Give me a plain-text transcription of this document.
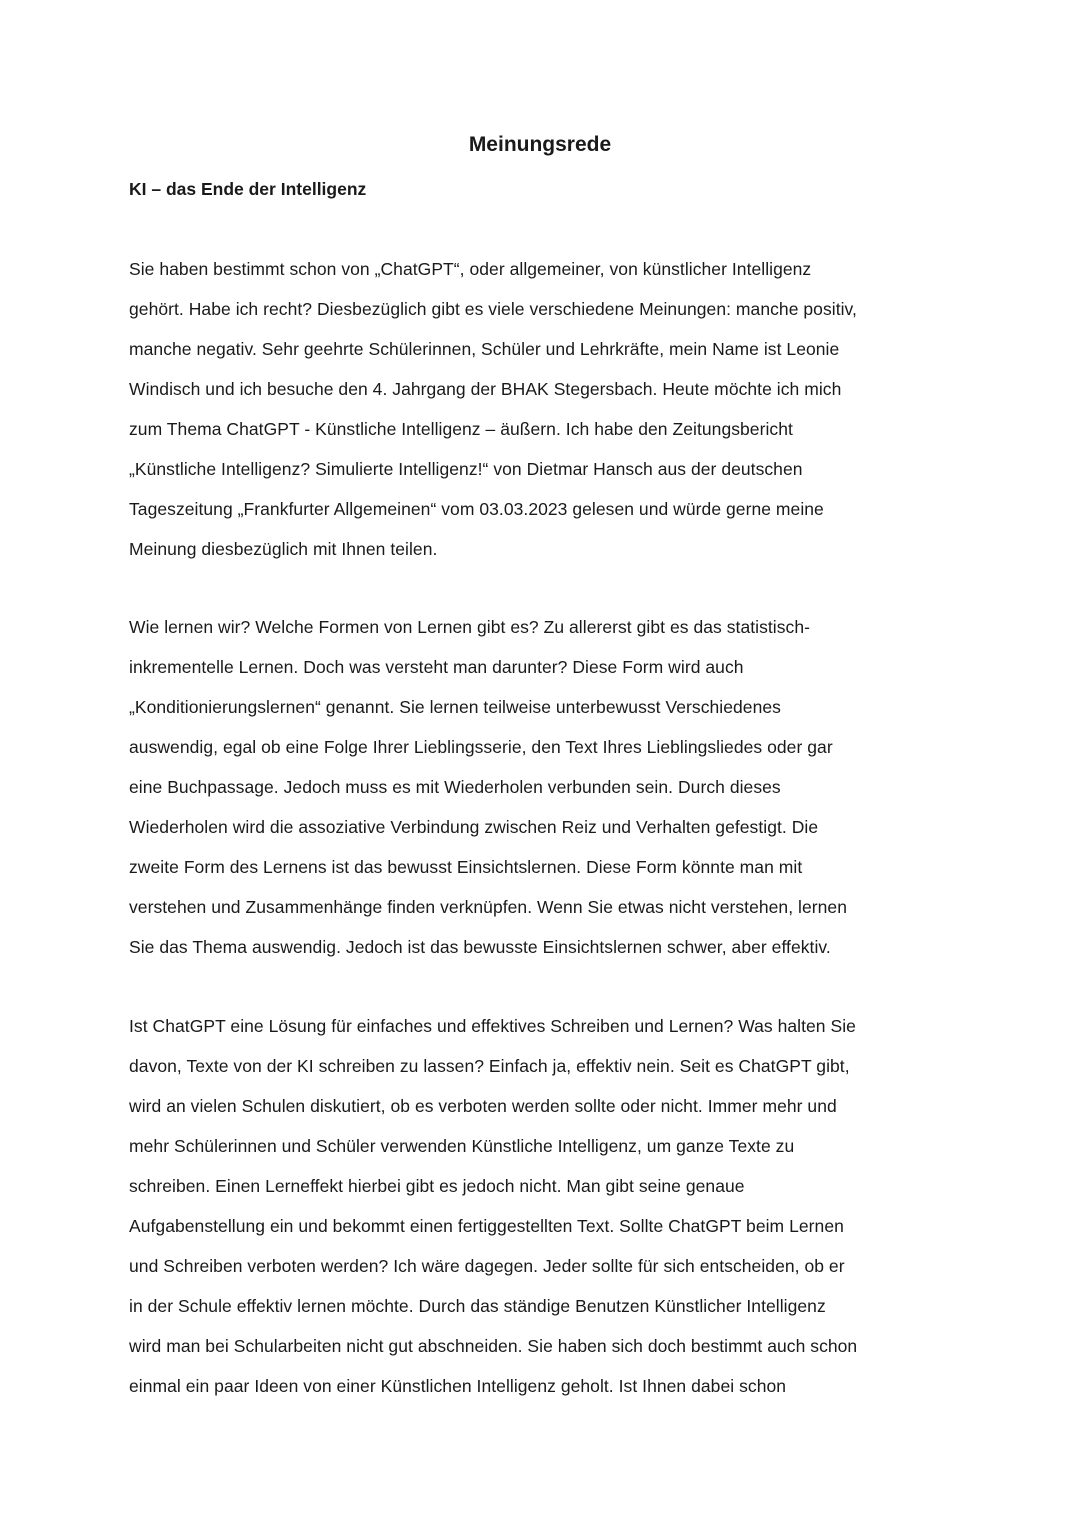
Meinungsrede
KI – das Ende der Intelligenz

Sie haben bestimmt schon von „ChatGPT“, oder allgemeiner, von künstlicher Intelligenz
gehört. Habe ich recht? Diesbezüglich gibt es viele verschiedene Meinungen: manche positiv,
manche negativ. Sehr geehrte Schülerinnen, Schüler und Lehrkräfte, mein Name ist Leonie
Windisch und ich besuche den 4. Jahrgang der BHAK Stegersbach. Heute möchte ich mich
zum Thema ChatGPT - Künstliche Intelligenz – äußern. Ich habe den Zeitungsbericht
„Künstliche Intelligenz? Simulierte Intelligenz!“ von Dietmar Hansch aus der deutschen
Tageszeitung „Frankfurter Allgemeinen“ vom 03.03.2023 gelesen und würde gerne meine
Meinung diesbezüglich mit Ihnen teilen.

Wie lernen wir? Welche Formen von Lernen gibt es? Zu allererst gibt es das statistisch-
inkrementelle Lernen. Doch was versteht man darunter? Diese Form wird auch
„Konditionierungslernen“ genannt. Sie lernen teilweise unterbewusst Verschiedenes
auswendig, egal ob eine Folge Ihrer Lieblingsserie, den Text Ihres Lieblingsliedes oder gar
eine Buchpassage. Jedoch muss es mit Wiederholen verbunden sein. Durch dieses
Wiederholen wird die assoziative Verbindung zwischen Reiz und Verhalten gefestigt. Die
zweite Form des Lernens ist das bewusst Einsichtslernen. Diese Form könnte man mit
verstehen und Zusammenhänge finden verknüpfen. Wenn Sie etwas nicht verstehen, lernen
Sie das Thema auswendig. Jedoch ist das bewusste Einsichtslernen schwer, aber effektiv.

Ist ChatGPT eine Lösung für einfaches und effektives Schreiben und Lernen? Was halten Sie
davon, Texte von der KI schreiben zu lassen? Einfach ja, effektiv nein. Seit es ChatGPT gibt,
wird an vielen Schulen diskutiert, ob es verboten werden sollte oder nicht. Immer mehr und
mehr Schülerinnen und Schüler verwenden Künstliche Intelligenz, um ganze Texte zu
schreiben. Einen Lerneffekt hierbei gibt es jedoch nicht. Man gibt seine genaue
Aufgabenstellung ein und bekommt einen fertiggestellten Text. Sollte ChatGPT beim Lernen
und Schreiben verboten werden? Ich wäre dagegen. Jeder sollte für sich entscheiden, ob er
in der Schule effektiv lernen möchte. Durch das ständige Benutzen Künstlicher Intelligenz
wird man bei Schularbeiten nicht gut abschneiden. Sie haben sich doch bestimmt auch schon
einmal ein paar Ideen von einer Künstlichen Intelligenz geholt. Ist Ihnen dabei schon
